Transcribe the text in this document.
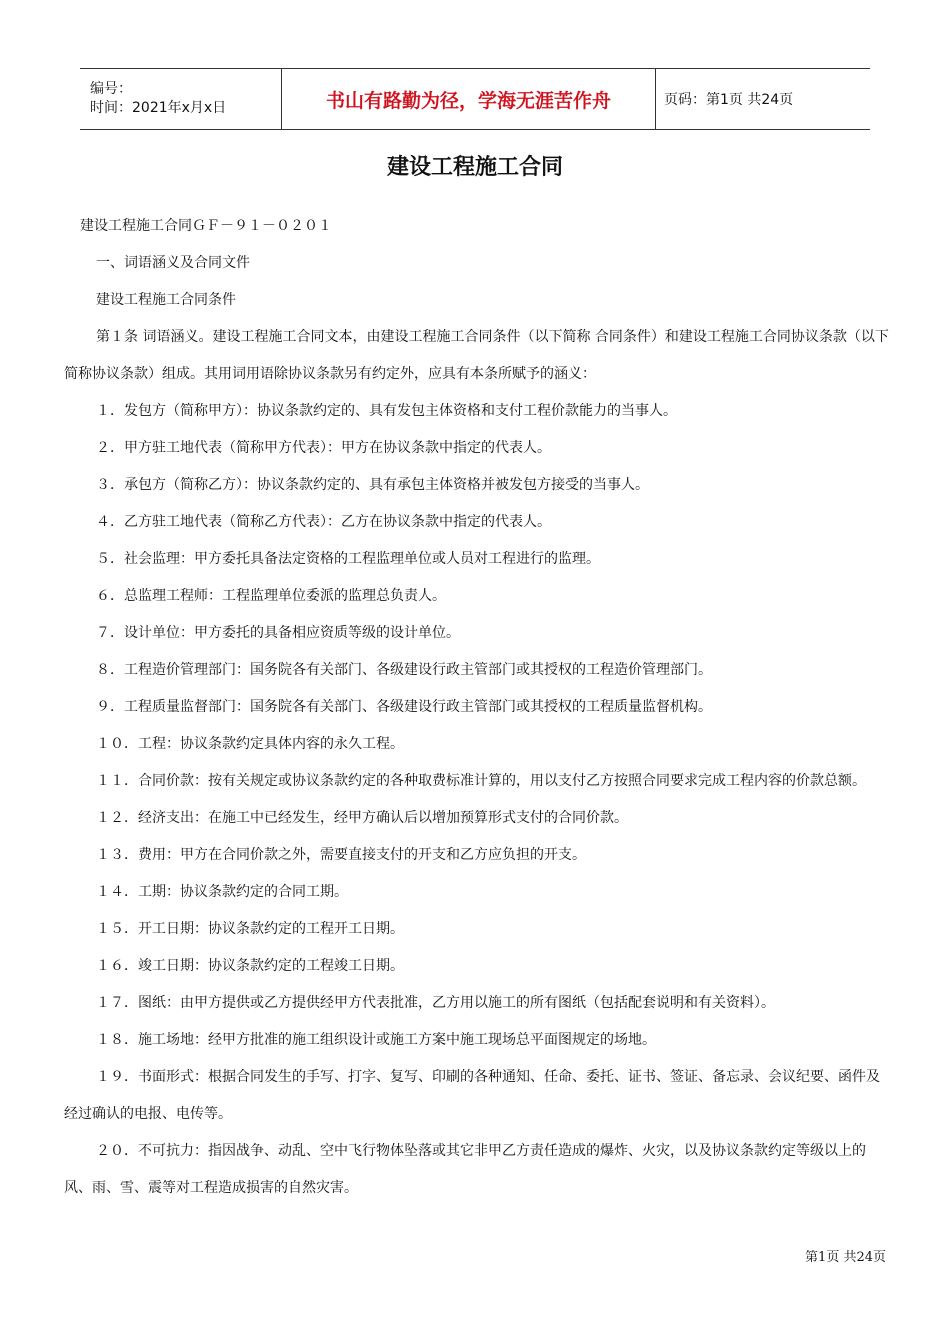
编号：
时间：2021年x月x日	书山有路勤为径，学海无涯苦作舟	页码：第1页 共24页
建设工程施工合同

建设工程施工合同ＧＦ－９１－０２０１

一、词语涵义及合同文件

建设工程施工合同条件

第１条 词语涵义。建设工程施工合同文本，由建设工程施工合同条件（以下简称 合同条件）和建设工程施工合同协议条款（以下简称协议条款）组成。其用词用语除协议条款另有约定外，应具有本条所赋予的涵义：

１．发包方（简称甲方）：协议条款约定的、具有发包主体资格和支付工程价款能力的当事人。

２．甲方驻工地代表（简称甲方代表）：甲方在协议条款中指定的代表人。

３．承包方（简称乙方）：协议条款约定的、具有承包主体资格并被发包方接受的当事人。

４．乙方驻工地代表（简称乙方代表）：乙方在协议条款中指定的代表人。

５．社会监理：甲方委托具备法定资格的工程监理单位或人员对工程进行的监理。

６．总监理工程师：工程监理单位委派的监理总负责人。

７．设计单位：甲方委托的具备相应资质等级的设计单位。

８．工程造价管理部门：国务院各有关部门、各级建设行政主管部门或其授权的工程造价管理部门。

９．工程质量监督部门：国务院各有关部门、各级建设行政主管部门或其授权的工程质量监督机构。

１０．工程：协议条款约定具体内容的永久工程。

１１．合同价款：按有关规定或协议条款约定的各种取费标准计算的，用以支付乙方按照合同要求完成工程内容的价款总额。

１２．经济支出：在施工中已经发生，经甲方确认后以增加预算形式支付的合同价款。

１３．费用：甲方在合同价款之外，需要直接支付的开支和乙方应负担的开支。

１４．工期：协议条款约定的合同工期。

１５．开工日期：协议条款约定的工程开工日期。

１６．竣工日期：协议条款约定的工程竣工日期。

１７．图纸：由甲方提供或乙方提供经甲方代表批准，乙方用以施工的所有图纸（包括配套说明和有关资料）。

１８．施工场地：经甲方批准的施工组织设计或施工方案中施工现场总平面图规定的场地。

１９．书面形式：根据合同发生的手写、打字、复写、印刷的各种通知、任命、委托、证书、签证、备忘录、会议纪要、函件及经过确认的电报、电传等。

２０．不可抗力：指因战争、动乱、空中飞行物体坠落或其它非甲乙方责任造成的爆炸、火灾，以及协议条款约定等级以上的风、雨、雪、震等对工程造成损害的自然灾害。

第1页 共24页
